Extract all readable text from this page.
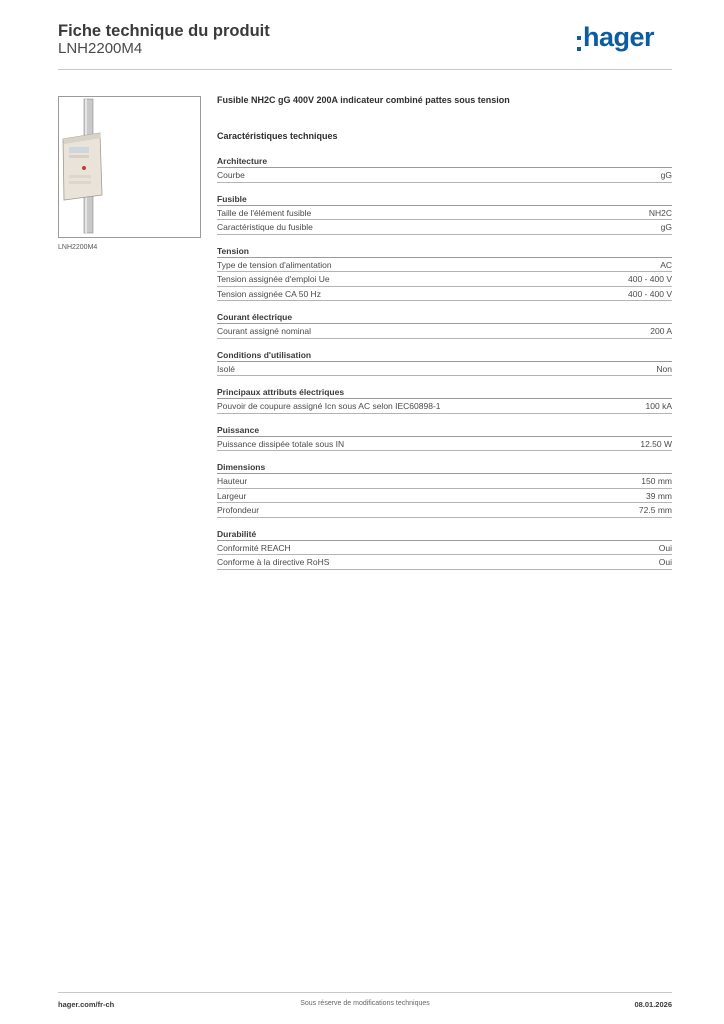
Fiche technique du produit
LNH2200M4	hager
LNH2200M4
Fusible NH2C gG 400V 200A indicateur combiné pattes sous tension
Caractéristiques techniques
Architecture
Courbe	gG
Fusible
Taille de l'élément fusible	NH2C
Caractéristique du fusible	gG
Tension
Type de tension d'alimentation	AC
Tension assignée d'emploi Ue	400 - 400 V
Tension assignée CA 50 Hz	400 - 400 V
Courant électrique
Courant assigné nominal	200 A
Conditions d'utilisation
Isolé	Non
Principaux attributs électriques
Pouvoir de coupure assigné Icn sous AC selon IEC60898-1	100 kA
Puissance
Puissance dissipée totale sous IN	12.50 W
Dimensions
Hauteur	150 mm
Largeur	39 mm
Profondeur	72.5 mm
Durabilité
Conformité REACH	Oui
Conforme à la directive RoHS	Oui
hager.com/fr-ch	Sous réserve de modifications techniques	08.01.2026
